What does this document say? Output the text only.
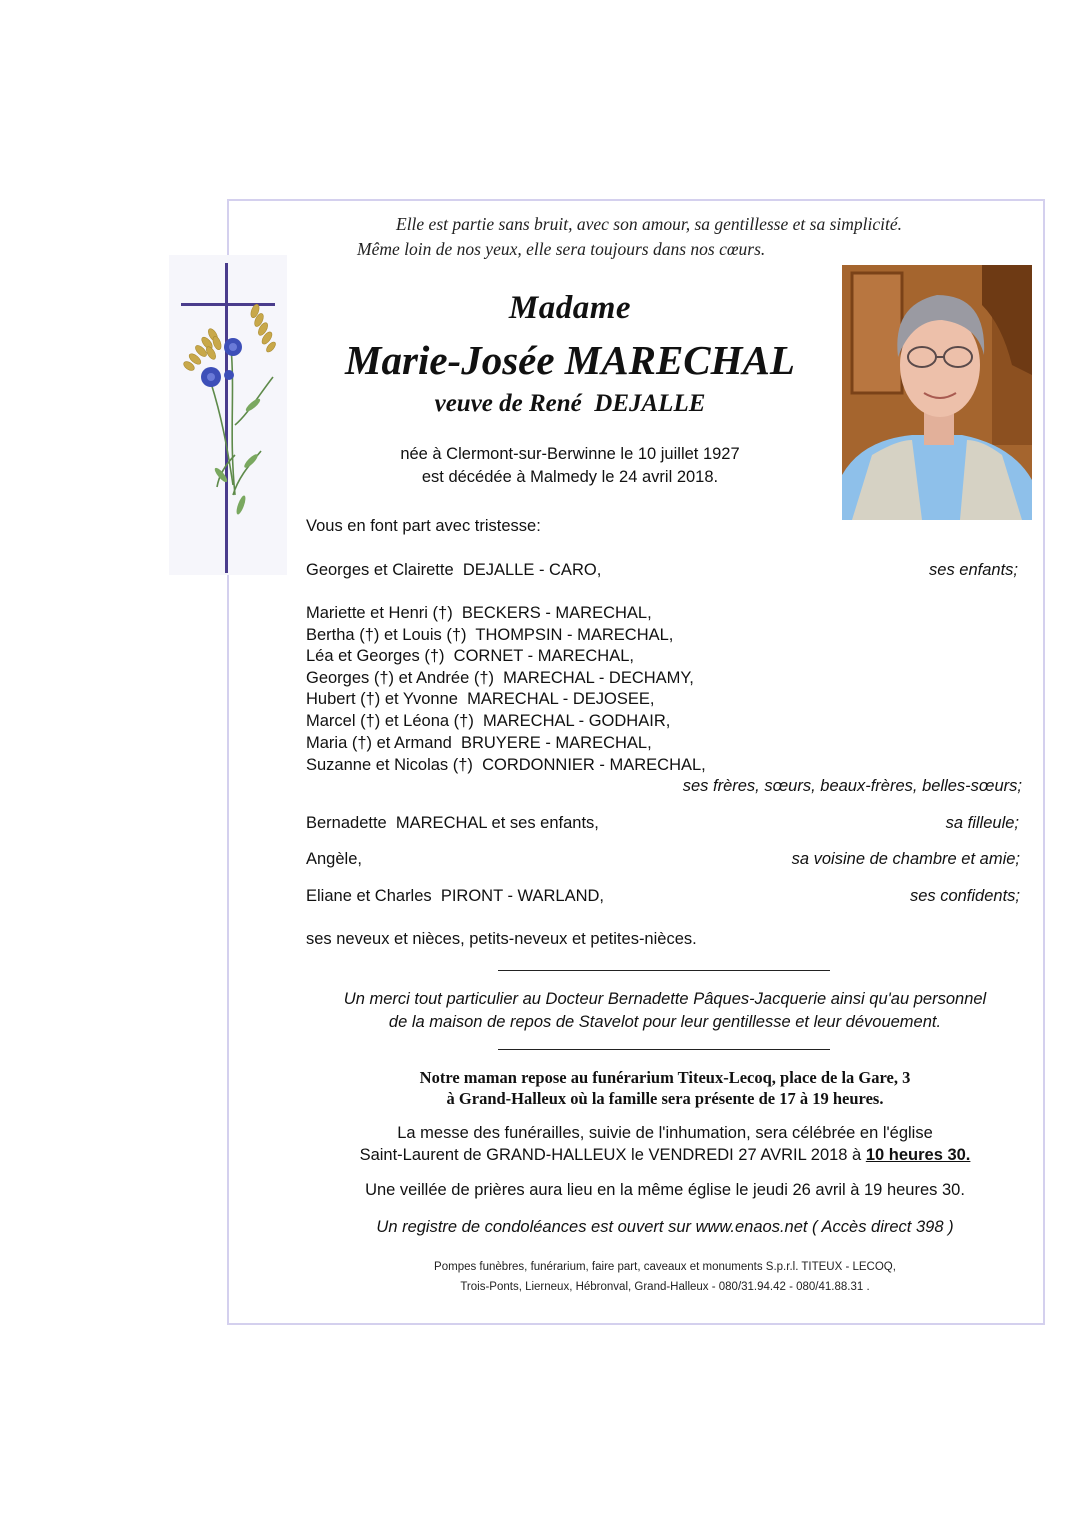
Elle est partie sans bruit, avec son amour, sa gentillesse et sa simplicité.
Même loin de nos yeux, elle sera toujours dans nos cœurs.
Madame
Marie-Josée MARECHAL
veuve de René  DEJALLE
née à Clermont-sur-Berwinne le 10 juillet 1927
est décédée à Malmedy le 24 avril 2018.
Vous en font part avec tristesse:
Georges et Clairette  DEJALLE - CARO,	ses enfants;
Mariette et Henri (†)  BECKERS - MARECHAL,
Bertha (†) et Louis (†)  THOMPSIN - MARECHAL,
Léa et Georges (†)  CORNET - MARECHAL,
Georges (†) et Andrée (†)  MARECHAL - DECHAMY,
Hubert (†) et Yvonne  MARECHAL - DEJOSEE,
Marcel (†) et Léona (†)  MARECHAL - GODHAIR,
Maria (†) et Armand  BRUYERE - MARECHAL,
Suzanne et Nicolas (†)  CORDONNIER - MARECHAL,
ses frères, sœurs, beaux-frères, belles-sœurs;
Bernadette  MARECHAL et ses enfants,	sa filleule;
Angèle,	sa voisine de chambre et amie;
Eliane et Charles  PIRONT - WARLAND,	ses confidents;
ses neveux et nièces, petits-neveux et petites-nièces.
Un merci tout particulier au Docteur Bernadette Pâques-Jacquerie ainsi qu'au personnel
de la maison de repos de Stavelot pour leur gentillesse et leur dévouement.
Notre maman repose au funérarium Titeux-Lecoq, place de la Gare, 3
à Grand-Halleux où la famille sera présente de 17 à 19 heures.
La messe des funérailles, suivie de l'inhumation, sera célébrée en l'église
Saint-Laurent de GRAND-HALLEUX le VENDREDI 27 AVRIL 2018 à 10 heures 30.
Une veillée de prières aura lieu en la même église le jeudi 26 avril à 19 heures 30.
Un registre de condoléances est ouvert sur www.enaos.net ( Accès direct 398 )
Pompes funèbres, funérarium, faire part, caveaux et monuments S.p.r.l. TITEUX - LECOQ,
Trois-Ponts, Lierneux, Hébronval, Grand-Halleux - 080/31.94.42 - 080/41.88.31 .
